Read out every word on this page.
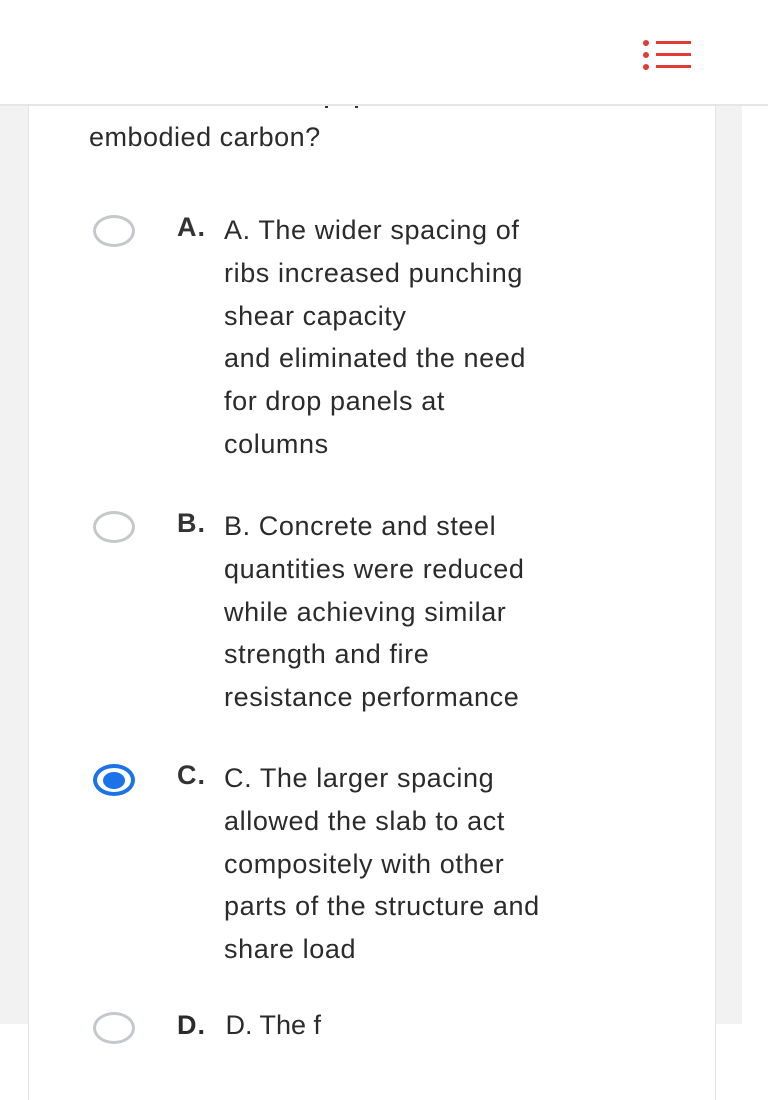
embodied carbon?
A. A. The wider spacing of
ribs increased punching
shear capacity
and eliminated the need
for drop panels at
columns
B. B. Concrete and steel
quantities were reduced
while achieving similar
strength and fire
resistance performance
C. C. The larger spacing
allowed the slab to act
compositely with other
parts of the structure and
share load
D. D. The f
